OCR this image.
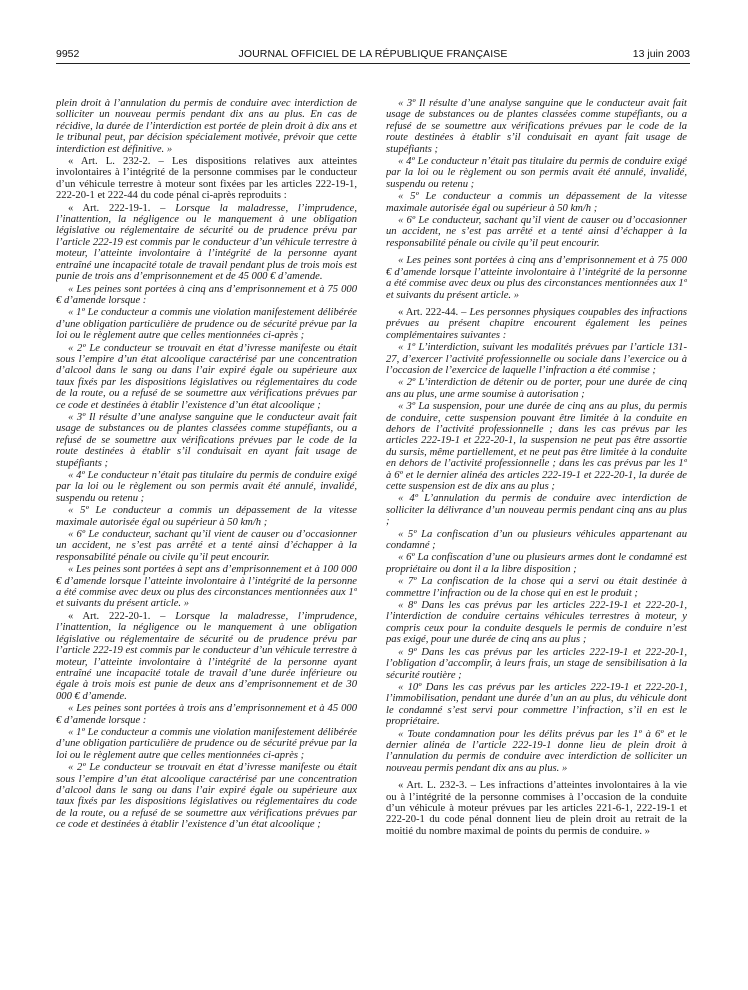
9952	JOURNAL OFFICIEL DE LA RÉPUBLIQUE FRANÇAISE	13 juin 2003

plein droit à l’annulation du permis de conduire avec interdiction de solliciter un nouveau permis pendant dix ans au plus. En cas de récidive, la durée de l’interdiction est portée de plein droit à dix ans et le tribunal peut, par décision spécialement motivée, prévoir que cette interdiction est définitive. »

« Art. L. 232-2. – Les dispositions relatives aux atteintes involontaires à l’intégrité de la personne commises par le conducteur d’un véhicule terrestre à moteur sont fixées par les articles 222-19-1, 222-20-1 et 222-44 du code pénal ci-après reproduits :

« Art. 222-19-1. – Lorsque la maladresse, l’imprudence, l’inattention, la négligence ou le manquement à une obligation législative ou réglementaire de sécurité ou de prudence prévu par l’article 222-19 est commis par le conducteur d’un véhicule terrestre à moteur, l’atteinte involontaire à l’intégrité de la personne ayant entraîné une incapacité totale de travail pendant plus de trois mois est punie de trois ans d’emprisonnement et de 45 000 € d’amende.

« Les peines sont portées à cinq ans d’emprisonnement et à 75 000 € d’amende lorsque :

« 1º Le conducteur a commis une violation manifestement délibérée d’une obligation particulière de prudence ou de sécurité prévue par la loi ou le règlement autre que celles mentionnées ci-après ;

« 2º Le conducteur se trouvait en état d’ivresse manifeste ou était sous l’empire d’un état alcoolique caractérisé par une concentration d’alcool dans le sang ou dans l’air expiré égale ou supérieure aux taux fixés par les dispositions législatives ou réglementaires du code de la route, ou a refusé de se soumettre aux vérifications prévues par ce code et destinées à établir l’existence d’un état alcoolique ;

« 3º Il résulte d’une analyse sanguine que le conducteur avait fait usage de substances ou de plantes classées comme stupéfiants, ou a refusé de se soumettre aux vérifications prévues par le code de la route destinées à établir s’il conduisait en ayant fait usage de stupéfiants ;

« 4º Le conducteur n’était pas titulaire du permis de conduire exigé par la loi ou le règlement ou son permis avait été annulé, invalidé, suspendu ou retenu ;

« 5º Le conducteur a commis un dépassement de la vitesse maximale autorisée égal ou supérieur à 50 km/h ;

« 6º Le conducteur, sachant qu’il vient de causer ou d’occasionner un accident, ne s’est pas arrêté et a tenté ainsi d’échapper à la responsabilité pénale ou civile qu’il peut encourir.

« Les peines sont portées à sept ans d’emprisonnement et à 100 000 € d’amende lorsque l’atteinte involontaire à l’intégrité de la personne a été commise avec deux ou plus des circonstances mentionnées aux 1º et suivants du présent article. »

« Art. 222-20-1. – Lorsque la maladresse, l’imprudence, l’inattention, la négligence ou le manquement à une obligation législative ou réglementaire de sécurité ou de prudence prévu par l’article 222-19 est commis par le conducteur d’un véhicule terrestre à moteur, l’atteinte involontaire à l’intégrité de la personne ayant entraîné une incapacité totale de travail d’une durée inférieure ou égale à trois mois est punie de deux ans d’emprisonnement et de 30 000 € d’amende.

« Les peines sont portées à trois ans d’emprisonnement et à 45 000 € d’amende lorsque :

« 1º Le conducteur a commis une violation manifestement délibérée d’une obligation particulière de prudence ou de sécurité prévue par la loi ou le règlement autre que celles mentionnées ci-après ;

« 2º Le conducteur se trouvait en état d’ivresse manifeste ou était sous l’empire d’un état alcoolique caractérisé par une concentration d’alcool dans le sang ou dans l’air expiré égale ou supérieure aux taux fixés par les dispositions législatives ou réglementaires du code de la route, ou a refusé de se soumettre aux vérifications prévues par ce code et destinées à établir l’existence d’un état alcoolique ;

« 3º Il résulte d’une analyse sanguine que le conducteur avait fait usage de substances ou de plantes classées comme stupéfiants, ou a refusé de se soumettre aux vérifications prévues par le code de la route destinées à établir s’il conduisait en ayant fait usage de stupéfiants ;

« 4º Le conducteur n’était pas titulaire du permis de conduire exigé par la loi ou le règlement ou son permis avait été annulé, invalidé, suspendu ou retenu ;

« 5º Le conducteur a commis un dépassement de la vitesse maximale autorisée égal ou supérieur à 50 km/h ;

« 6º Le conducteur, sachant qu’il vient de causer ou d’occasionner un accident, ne s’est pas arrêté et a tenté ainsi d’échapper à la responsabilité pénale ou civile qu’il peut encourir.

« Les peines sont portées à cinq ans d’emprisonnement et à 75 000 € d’amende lorsque l’atteinte involontaire à l’intégrité de la personne a été commise avec deux ou plus des circonstances mentionnées aux 1º et suivants du présent article. »

« Art. 222-44. – Les personnes physiques coupables des infractions prévues au présent chapitre encourent également les peines complémentaires suivantes :

« 1º L’interdiction, suivant les modalités prévues par l’article 131-27, d’exercer l’activité professionnelle ou sociale dans l’exercice ou à l’occasion de l’exercice de laquelle l’infraction a été commise ;

« 2º L’interdiction de détenir ou de porter, pour une durée de cinq ans au plus, une arme soumise à autorisation ;

« 3º La suspension, pour une durée de cinq ans au plus, du permis de conduire, cette suspension pouvant être limitée à la conduite en dehors de l’activité professionnelle ; dans les cas prévus par les articles 222-19-1 et 222-20-1, la suspension ne peut pas être assortie du sursis, même partiellement, et ne peut pas être limitée à la conduite en dehors de l’activité professionnelle ; dans les cas prévus par les 1º à 6º et le dernier alinéa des articles 222-19-1 et 222-20-1, la durée de cette suspension est de dix ans au plus ;

« 4º L’annulation du permis de conduire avec interdiction de solliciter la délivrance d’un nouveau permis pendant cinq ans au plus ;

« 5º La confiscation d’un ou plusieurs véhicules appartenant au condamné ;

« 6º La confiscation d’une ou plusieurs armes dont le condamné est propriétaire ou dont il a la libre disposition ;

« 7º La confiscation de la chose qui a servi ou était destinée à commettre l’infraction ou de la chose qui en est le produit ;

« 8º Dans les cas prévus par les articles 222-19-1 et 222-20-1, l’interdiction de conduire certains véhicules terrestres à moteur, y compris ceux pour la conduite desquels le permis de conduire n’est pas exigé, pour une durée de cinq ans au plus ;

« 9º Dans les cas prévus par les articles 222-19-1 et 222-20-1, l’obligation d’accomplir, à leurs frais, un stage de sensibilisation à la sécurité routière ;

« 10º Dans les cas prévus par les articles 222-19-1 et 222-20-1, l’immobilisation, pendant une durée d’un an au plus, du véhicule dont le condamné s’est servi pour commettre l’infraction, s’il en est le propriétaire.

« Toute condamnation pour les délits prévus par les 1º à 6º et le dernier alinéa de l’article 222-19-1 donne lieu de plein droit à l’annulation du permis de conduire avec interdiction de solliciter un nouveau permis pendant dix ans au plus. »

« Art. L. 232-3. – Les infractions d’atteintes involontaires à la vie ou à l’intégrité de la personne commises à l’occasion de la conduite d’un véhicule à moteur prévues par les articles 221-6-1, 222-19-1 et 222-20-1 du code pénal donnent lieu de plein droit au retrait de la moitié du nombre maximal de points du permis de conduire. »
